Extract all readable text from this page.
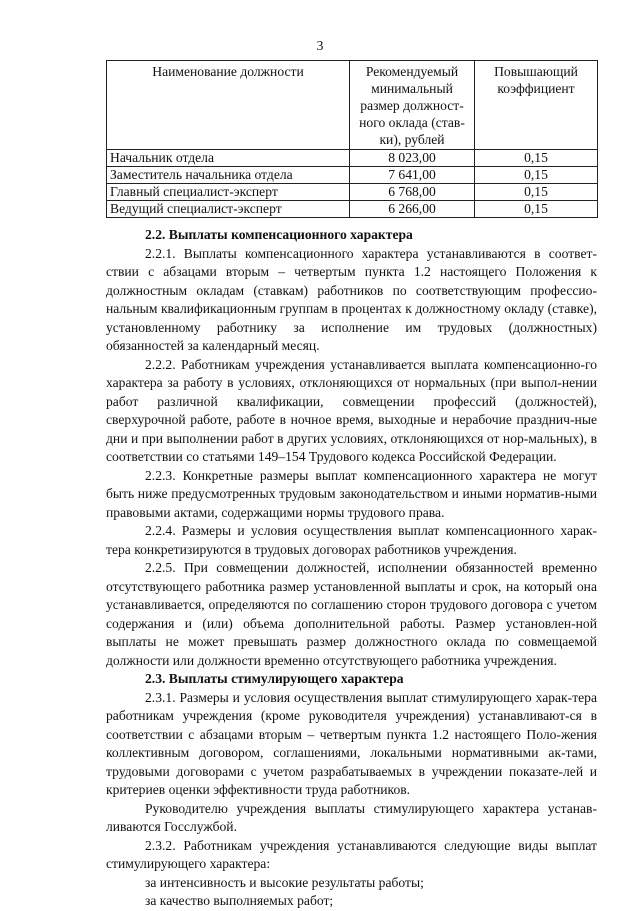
3
Наименование должности	Рекомендуемый минимальный размер должност-ного оклада (став-ки), рублей	Повышающий коэффициент
Начальник отдела	8 023,00	0,15
Заместитель начальника отдела	7 641,00	0,15
Главный специалист-эксперт	6 768,00	0,15
Ведущий специалист-эксперт	6 266,00	0,15

2.2. Выплаты компенсационного характера

2.2.1. Выплаты компенсационного характера устанавливаются в соответ-ствии с абзацами вторым – четвертым пункта 1.2 настоящего Положения к должностным окладам (ставкам) работников по соответствующим профессио-нальным квалификационным группам в процентах к должностному окладу (ставке), установленному работнику за исполнение им трудовых (должностных) обязанностей за календарный месяц.

2.2.2. Работникам учреждения устанавливается выплата компенсационно-го характера за работу в условиях, отклоняющихся от нормальных (при выпол-нении работ различной квалификации, совмещении профессий (должностей), сверхурочной работе, работе в ночное время, выходные и нерабочие празднич-ные дни и при выполнении работ в других условиях, отклоняющихся от нор-мальных), в соответствии со статьями 149–154 Трудового кодекса Российской Федерации.

2.2.3. Конкретные размеры выплат компенсационного характера не могут быть ниже предусмотренных трудовым законодательством и иными норматив-ными правовыми актами, содержащими нормы трудового права.

2.2.4. Размеры и условия осуществления выплат компенсационного харак-тера конкретизируются в трудовых договорах работников учреждения.

2.2.5. При совмещении должностей, исполнении обязанностей временно отсутствующего работника размер установленной выплаты и срок, на который она устанавливается, определяются по соглашению сторон трудового договора с учетом содержания и (или) объема дополнительной работы. Размер установлен-ной выплаты не может превышать размер должностного оклада по совмещаемой должности или должности временно отсутствующего работника учреждения.

2.3. Выплаты стимулирующего характера

2.3.1. Размеры и условия осуществления выплат стимулирующего харак-тера работникам учреждения (кроме руководителя учреждения) устанавливают-ся в соответствии с абзацами вторым – четвертым пункта 1.2 настоящего Поло-жения коллективным договором, соглашениями, локальными нормативными ак-тами, трудовыми договорами с учетом разрабатываемых в учреждении показате-лей и критериев оценки эффективности труда работников.

Руководителю учреждения выплаты стимулирующего характера устанав-ливаются Госслужбой.

2.3.2. Работникам учреждения устанавливаются следующие виды выплат стимулирующего характера:

за интенсивность и высокие результаты работы;

за качество выполняемых работ;
